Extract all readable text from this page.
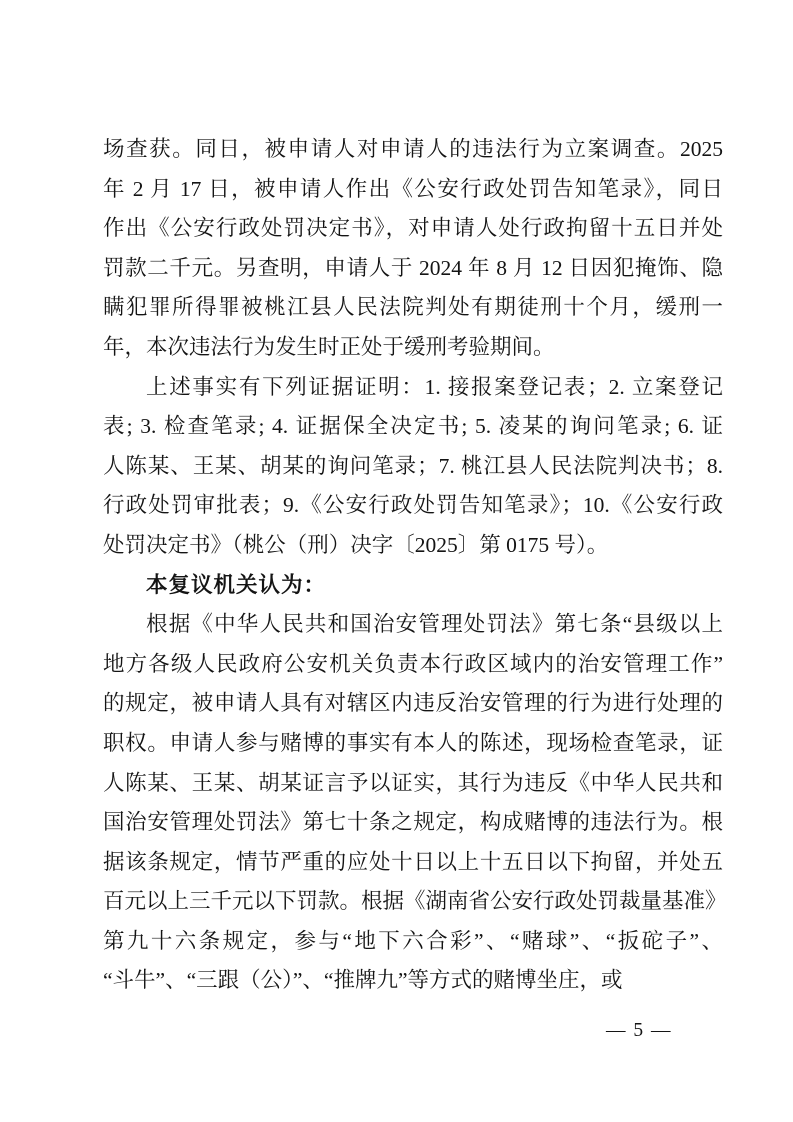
场查获。同日，被申请人对申请人的违法行为立案调查。2025
年 2 月 17 日，被申请人作出《公安行政处罚告知笔录》，同日
作出《公安行政处罚决定书》，对申请人处行政拘留十五日并处
罚款二千元。另查明，申请人于 2024 年 8 月 12 日因犯掩饰、隐
瞒犯罪所得罪被桃江县人民法院判处有期徒刑十个月，缓刑一
年，本次违法行为发生时正处于缓刑考验期间。
上述事实有下列证据证明：1. 接报案登记表；2. 立案登记
表; 3. 检查笔录; 4. 证据保全决定书; 5. 凌某的询问笔录; 6. 证
人陈某、王某、胡某的询问笔录；7. 桃江县人民法院判决书；8.
行政处罚审批表；9.《公安行政处罚告知笔录》；10.《公安行政
处罚决定书》（桃公（刑）决字〔2025〕第 0175 号）。
本复议机关认为：
根据《中华人民共和国治安管理处罚法》第七条“县级以上
地方各级人民政府公安机关负责本行政区域内的治安管理工作”
的规定，被申请人具有对辖区内违反治安管理的行为进行处理的
职权。申请人参与赌博的事实有本人的陈述，现场检查笔录，证
人陈某、王某、胡某证言予以证实，其行为违反《中华人民共和
国治安管理处罚法》第七十条之规定，构成赌博的违法行为。根
据该条规定，情节严重的应处十日以上十五日以下拘留，并处五
百元以上三千元以下罚款。根据《湖南省公安行政处罚裁量基准》
第九十六条规定，参与“地下六合彩”、“赌球”、“扳砣子”、
“斗牛”、“三跟（公）”、“推牌九”等方式的赌博坐庄，或
— 5 —
